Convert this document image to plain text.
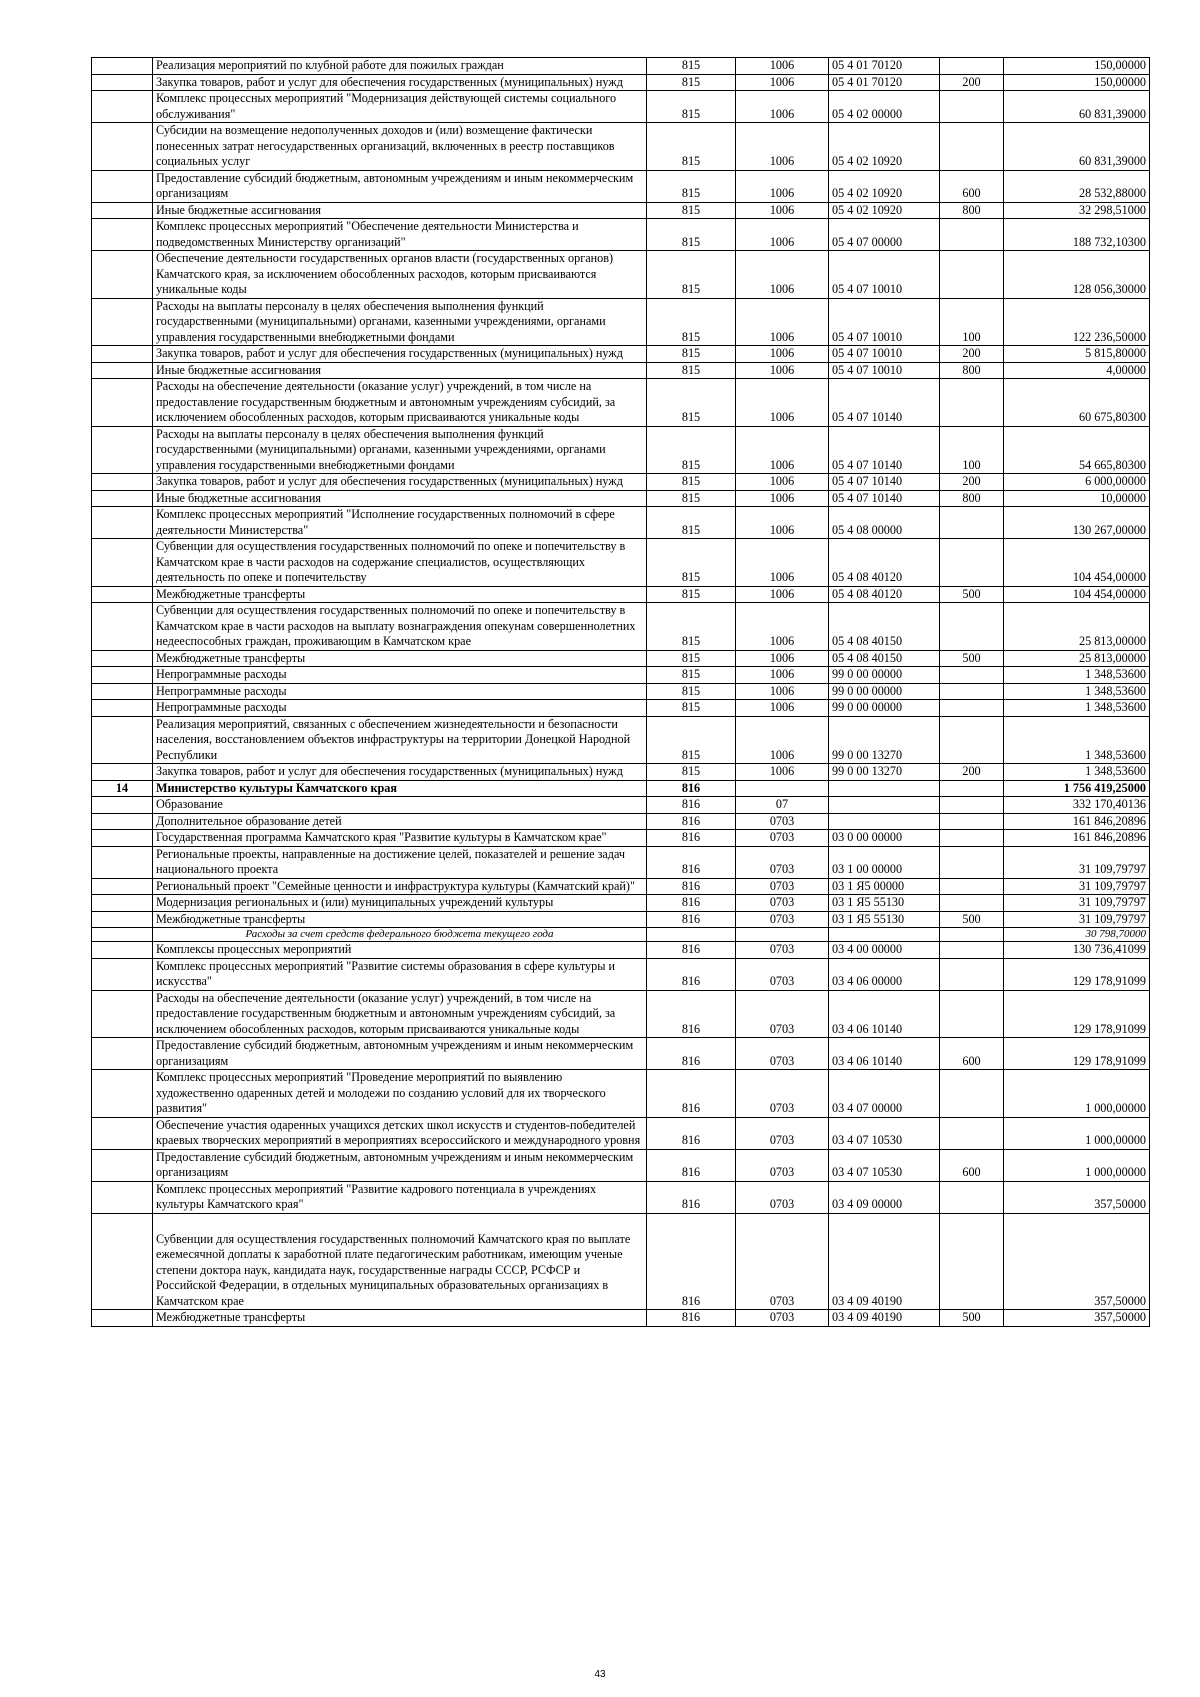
	Реализация мероприятий по клубной работе для пожилых граждан	815	1006	05 4 01 70120		150,00000
	Закупка товаров, работ и услуг для обеспечения государственных (муниципальных) нужд	815	1006	05 4 01 70120	200	150,00000
	Комплекс процессных мероприятий "Модернизация действующей системы социального обслуживания"	815	1006	05 4 02 00000		60 831,39000
	Субсидии на возмещение недополученных доходов и (или) возмещение фактически понесенных затрат негосударственных организаций, включенных в реестр поставщиков социальных услуг	815	1006	05 4 02 10920		60 831,39000
	Предоставление субсидий бюджетным, автономным учреждениям и иным некоммерческим организациям	815	1006	05 4 02 10920	600	28 532,88000
	Иные бюджетные ассигнования	815	1006	05 4 02 10920	800	32 298,51000
	Комплекс процессных мероприятий "Обеспечение деятельности Министерства и подведомственных Министерству организаций"	815	1006	05 4 07 00000		188 732,10300
	Обеспечение деятельности государственных органов власти (государственных органов) Камчатского края, за исключением обособленных расходов, которым присваиваются уникальные коды	815	1006	05 4 07 10010		128 056,30000
	Расходы на выплаты персоналу в целях обеспечения выполнения функций государственными (муниципальными) органами, казенными учреждениями, органами управления государственными внебюджетными фондами	815	1006	05 4 07 10010	100	122 236,50000
	Закупка товаров, работ и услуг для обеспечения государственных (муниципальных) нужд	815	1006	05 4 07 10010	200	5 815,80000
	Иные бюджетные ассигнования	815	1006	05 4 07 10010	800	4,00000
	Расходы на обеспечение деятельности (оказание услуг) учреждений, в том числе на предоставление государственным бюджетным и автономным учреждениям субсидий, за исключением обособленных расходов, которым присваиваются уникальные коды	815	1006	05 4 07 10140		60 675,80300
	Расходы на выплаты персоналу в целях обеспечения выполнения функций государственными (муниципальными) органами, казенными учреждениями, органами управления государственными внебюджетными фондами	815	1006	05 4 07 10140	100	54 665,80300
	Закупка товаров, работ и услуг для обеспечения государственных (муниципальных) нужд	815	1006	05 4 07 10140	200	6 000,00000
	Иные бюджетные ассигнования	815	1006	05 4 07 10140	800	10,00000
	Комплекс процессных мероприятий "Исполнение государственных полномочий в сфере деятельности Министерства"	815	1006	05 4 08 00000		130 267,00000
	Субвенции для осуществления государственных полномочий по опеке и попечительству в Камчатском крае в части расходов на содержание специалистов, осуществляющих деятельность по опеке и попечительству	815	1006	05 4 08 40120		104 454,00000
	Межбюджетные трансферты	815	1006	05 4 08 40120	500	104 454,00000
	Субвенции для осуществления государственных полномочий по опеке и попечительству в Камчатском крае в части расходов на выплату вознаграждения опекунам совершеннолетних недееспособных граждан, проживающим в Камчатском крае	815	1006	05 4 08 40150		25 813,00000
	Межбюджетные трансферты	815	1006	05 4 08 40150	500	25 813,00000
	Непрограммные расходы	815	1006	99 0 00 00000		1 348,53600
	Непрограммные расходы	815	1006	99 0 00 00000		1 348,53600
	Непрограммные расходы	815	1006	99 0 00 00000		1 348,53600
	Реализация мероприятий, связанных с обеспечением жизнедеятельности и безопасности населения, восстановлением объектов инфраструктуры на территории Донецкой Народной Республики	815	1006	99 0 00 13270		1 348,53600
	Закупка товаров, работ и услуг для обеспечения государственных (муниципальных) нужд	815	1006	99 0 00 13270	200	1 348,53600
14	Министерство культуры Камчатского края	816				1 756 419,25000
	Образование	816	07			332 170,40136
	Дополнительное образование детей	816	0703			161 846,20896
	Государственная программа Камчатского края "Развитие культуры в Камчатском крае"	816	0703	03 0 00 00000		161 846,20896
	Региональные проекты, направленные на достижение целей, показателей и решение задач национального проекта	816	0703	03 1 00 00000		31 109,79797
	Региональный проект "Семейные ценности и инфраструктура культуры (Камчатский край)"	816	0703	03 1 Я5 00000		31 109,79797
	Модернизация региональных и (или) муниципальных учреждений культуры	816	0703	03 1 Я5 55130		31 109,79797
	Межбюджетные трансферты	816	0703	03 1 Я5 55130	500	31 109,79797
	Расходы за счет средств федерального бюджета текущего года					30 798,70000
	Комплексы процессных мероприятий	816	0703	03 4 00 00000		130 736,41099
	Комплекс процессных мероприятий "Развитие системы образования в сфере культуры и искусства"	816	0703	03 4 06 00000		129 178,91099
	Расходы на обеспечение деятельности (оказание услуг) учреждений, в том числе на предоставление государственным бюджетным и автономным учреждениям субсидий, за исключением обособленных расходов, которым присваиваются уникальные коды	816	0703	03 4 06 10140		129 178,91099
	Предоставление субсидий бюджетным, автономным учреждениям и иным некоммерческим организациям	816	0703	03 4 06 10140	600	129 178,91099
	Комплекс процессных мероприятий "Проведение мероприятий по выявлению художественно одаренных детей и молодежи по созданию условий для их творческого развития"	816	0703	03 4 07 00000		1 000,00000
	Обеспечение участия одаренных учащихся детских школ искусств и студентов-победителей краевых творческих мероприятий в мероприятиях всероссийского и международного уровня	816	0703	03 4 07 10530		1 000,00000
	Предоставление субсидий бюджетным, автономным учреждениям и иным некоммерческим организациям	816	0703	03 4 07 10530	600	1 000,00000
	Комплекс процессных мероприятий "Развитие кадрового потенциала в учреждениях культуры Камчатского края"	816	0703	03 4 09 00000		357,50000
	Субвенции для осуществления государственных полномочий Камчатского края по выплате ежемесячной доплаты к заработной плате педагогическим работникам, имеющим ученые степени доктора наук, кандидата наук, государственные награды СССР, РСФСР и Российской Федерации, в отдельных муниципальных образовательных организациях в Камчатском крае	816	0703	03 4 09 40190		357,50000
	Межбюджетные трансферты	816	0703	03 4 09 40190	500	357,50000
43
